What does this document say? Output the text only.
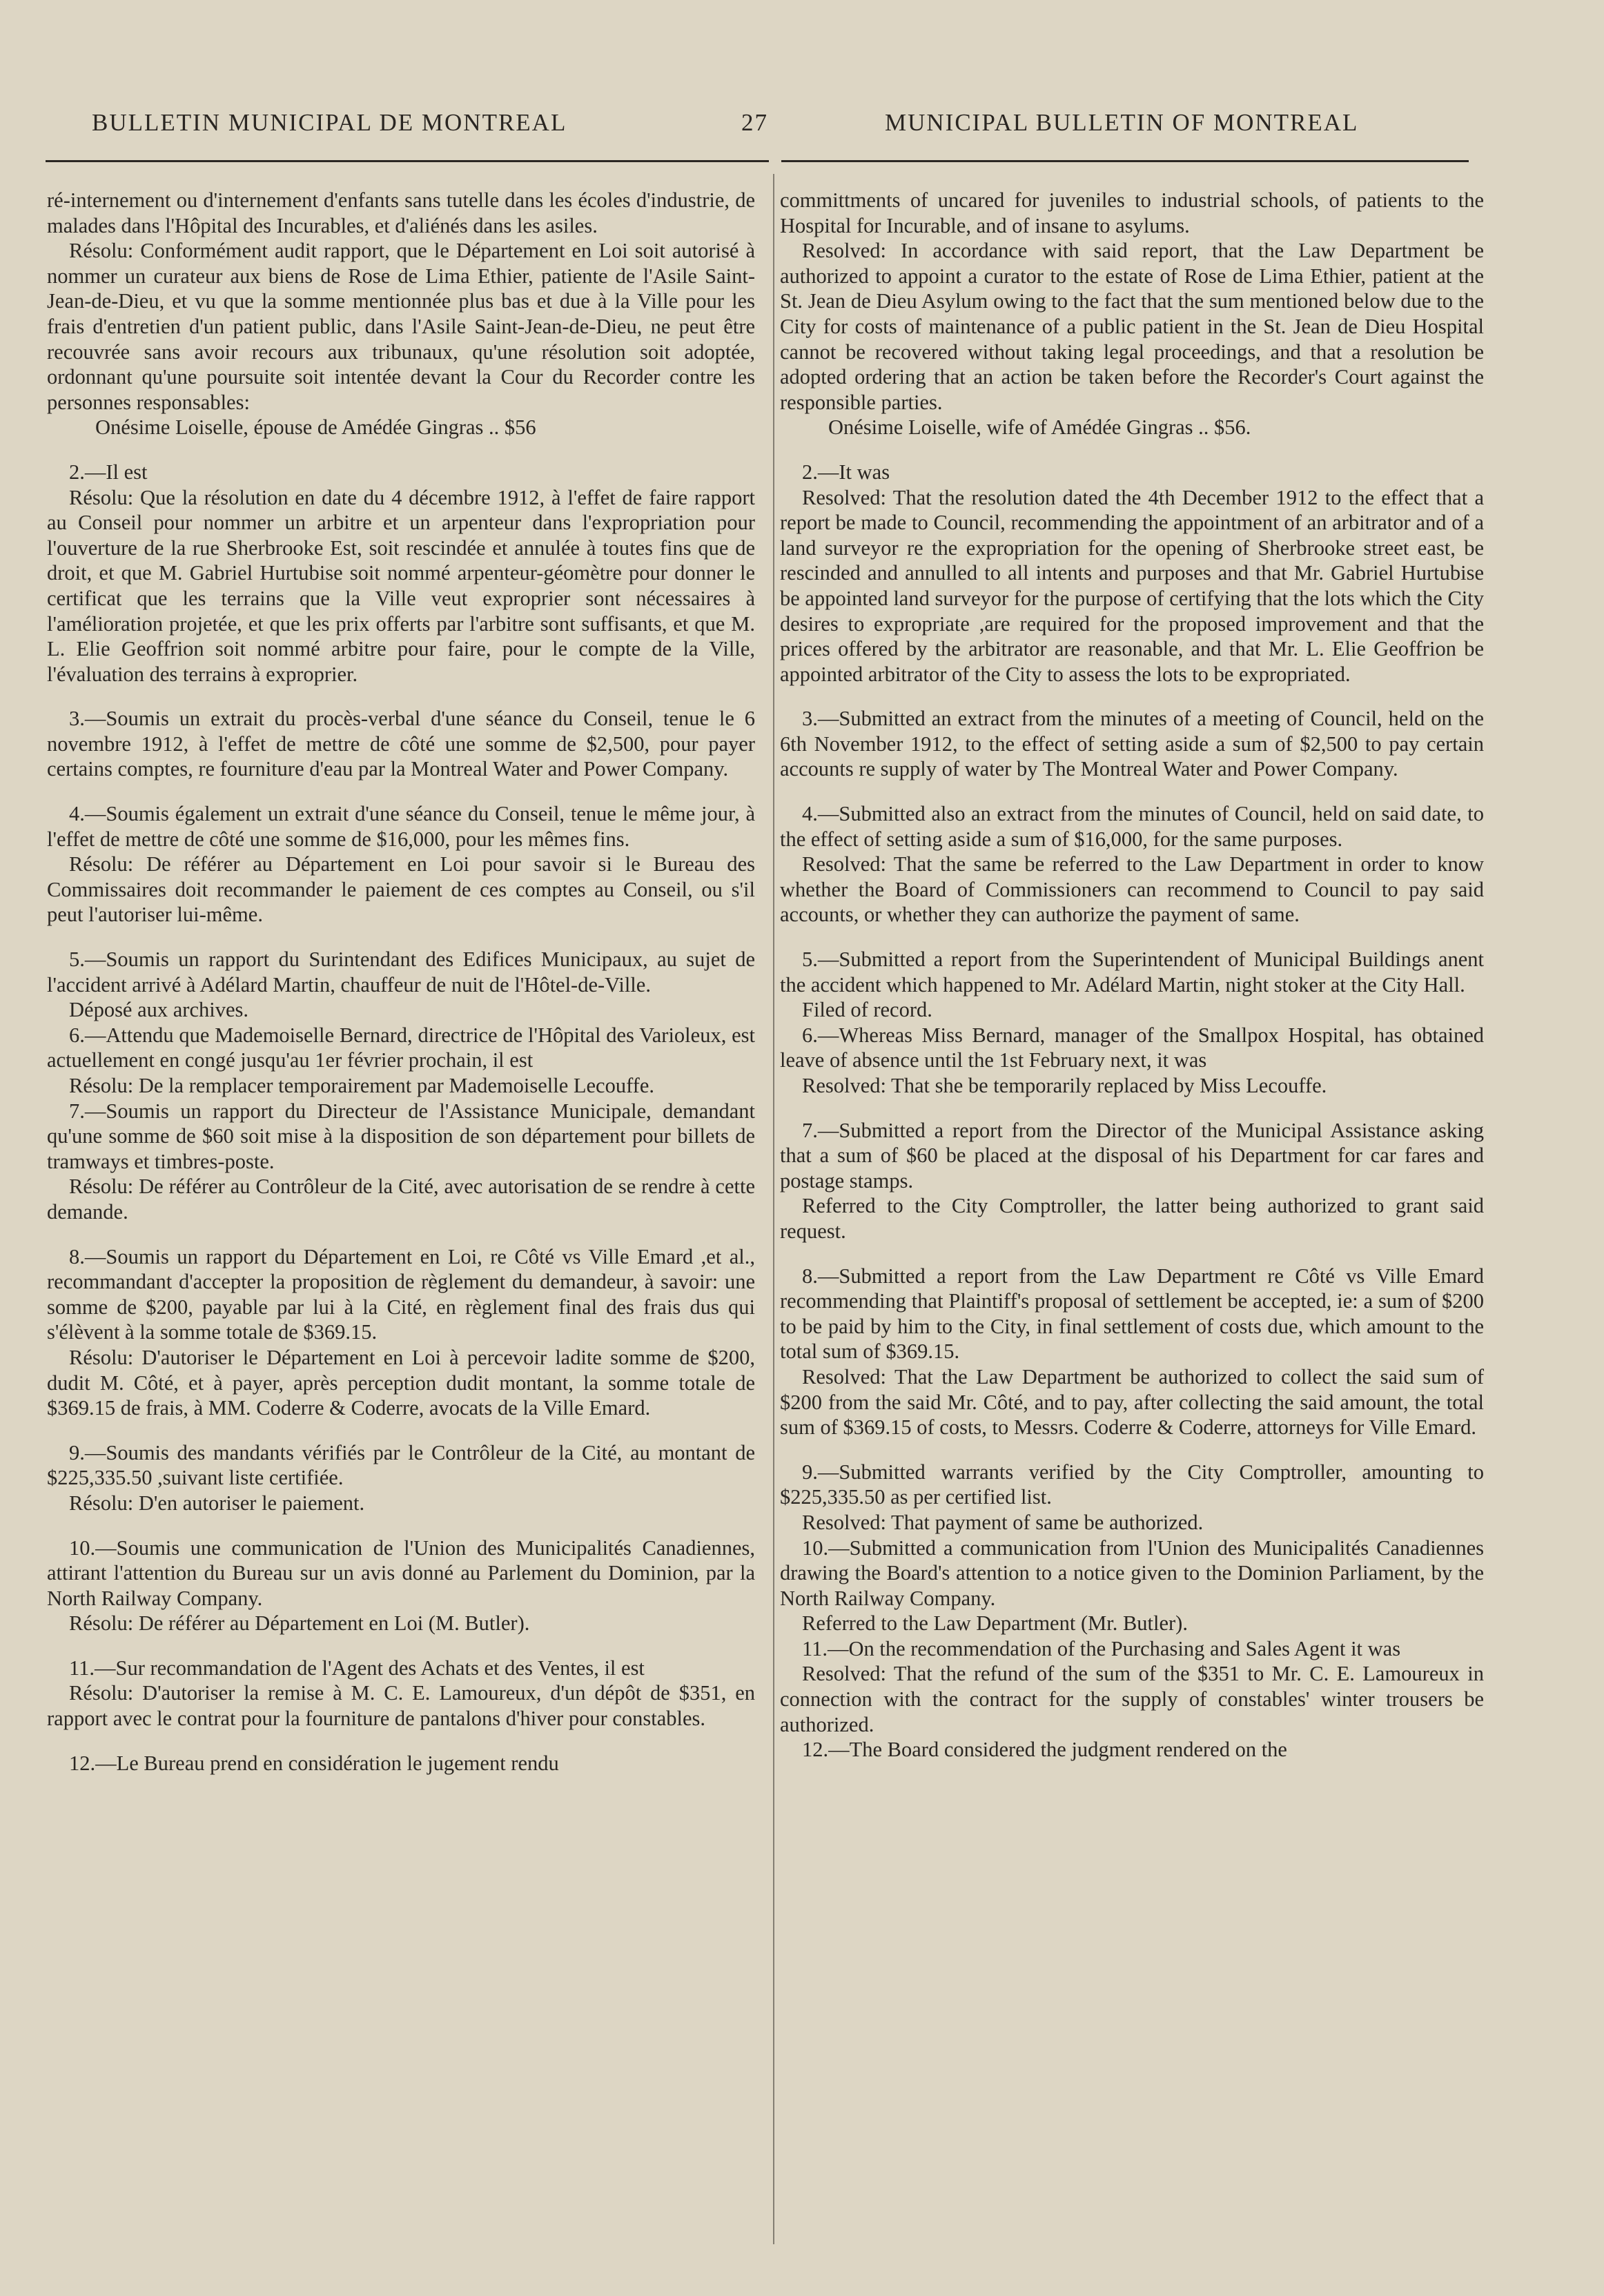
BULLETIN MUNICIPAL DE MONTREAL	27	MUNICIPAL BULLETIN OF MONTREAL

ré-internement ou d'internement d'enfants sans tutelle dans les écoles d'industrie, de malades dans l'Hôpital des Incurables, et d'aliénés dans les asiles.

Résolu: Conformément audit rapport, que le Département en Loi soit autorisé à nommer un curateur aux biens de Rose de Lima Ethier, patiente de l'Asile Saint-Jean-de-Dieu, et vu que la somme mentionnée plus bas et due à la Ville pour les frais d'entretien d'un patient public, dans l'Asile Saint-Jean-de-Dieu, ne peut être recouvrée sans avoir recours aux tribunaux, qu'une résolution soit adoptée, ordonnant qu'une poursuite soit intentée devant la Cour du Recorder contre les personnes responsables:

Onésime Loiselle, épouse de Amédée Gingras .. $56

2.—Il est

Résolu: Que la résolution en date du 4 décembre 1912, à l'effet de faire rapport au Conseil pour nommer un arbitre et un arpenteur dans l'expropriation pour l'ouverture de la rue Sherbrooke Est, soit rescindée et annulée à toutes fins que de droit, et que M. Gabriel Hurtubise soit nommé arpenteur-géomètre pour donner le certificat que les terrains que la Ville veut exproprier sont nécessaires à l'amélioration projetée, et que les prix offerts par l'arbitre sont suffisants, et que M. L. Elie Geoffrion soit nommé arbitre pour faire, pour le compte de la Ville, l'évaluation des terrains à exproprier.

3.—Soumis un extrait du procès-verbal d'une séance du Conseil, tenue le 6 novembre 1912, à l'effet de mettre de côté une somme de $2,500, pour payer certains comptes, re fourniture d'eau par la Montreal Water and Power Company.

4.—Soumis également un extrait d'une séance du Conseil, tenue le même jour, à l'effet de mettre de côté une somme de $16,000, pour les mêmes fins.

Résolu: De référer au Département en Loi pour savoir si le Bureau des Commissaires doit recommander le paiement de ces comptes au Conseil, ou s'il peut l'autoriser lui-même.

5.—Soumis un rapport du Surintendant des Edifices Municipaux, au sujet de l'accident arrivé à Adélard Martin, chauffeur de nuit de l'Hôtel-de-Ville.

Déposé aux archives.

6.—Attendu que Mademoiselle Bernard, directrice de l'Hôpital des Varioleux, est actuellement en congé jusqu'au 1er février prochain, il est

Résolu: De la remplacer temporairement par Mademoiselle Lecouffe.

7.—Soumis un rapport du Directeur de l'Assistance Municipale, demandant qu'une somme de $60 soit mise à la disposition de son département pour billets de tramways et timbres-poste.

Résolu: De référer au Contrôleur de la Cité, avec autorisation de se rendre à cette demande.

8.—Soumis un rapport du Département en Loi, re Côté vs Ville Emard ,et al., recommandant d'accepter la proposition de règlement du demandeur, à savoir: une somme de $200, payable par lui à la Cité, en règlement final des frais dus qui s'élèvent à la somme totale de $369.15.

Résolu: D'autoriser le Département en Loi à percevoir ladite somme de $200, dudit M. Côté, et à payer, après perception dudit montant, la somme totale de $369.15 de frais, à MM. Coderre & Coderre, avocats de la Ville Emard.

9.—Soumis des mandants vérifiés par le Contrôleur de la Cité, au montant de $225,335.50 ,suivant liste certifiée.

Résolu: D'en autoriser le paiement.

10.—Soumis une communication de l'Union des Municipalités Canadiennes, attirant l'attention du Bureau sur un avis donné au Parlement du Dominion, par la North Railway Company.

Résolu: De référer au Département en Loi (M. Butler).

11.—Sur recommandation de l'Agent des Achats et des Ventes, il est

Résolu: D'autoriser la remise à M. C. E. Lamoureux, d'un dépôt de $351, en rapport avec le contrat pour la fourniture de pantalons d'hiver pour constables.

12.—Le Bureau prend en considération le jugement rendu

committments of uncared for juveniles to industrial schools, of patients to the Hospital for Incurable, and of insane to asylums.

Resolved: In accordance with said report, that the Law Department be authorized to appoint a curator to the estate of Rose de Lima Ethier, patient at the St. Jean de Dieu Asylum owing to the fact that the sum mentioned below due to the City for costs of maintenance of a public patient in the St. Jean de Dieu Hospital cannot be recovered without taking legal proceedings, and that a resolution be adopted ordering that an action be taken before the Recorder's Court against the responsible parties.

Onésime Loiselle, wife of Amédée Gingras .. $56.

2.—It was

Resolved: That the resolution dated the 4th December 1912 to the effect that a report be made to Council, recommending the appointment of an arbitrator and of a land surveyor re the expropriation for the opening of Sherbrooke street east, be rescinded and annulled to all intents and purposes and that Mr. Gabriel Hurtubise be appointed land surveyor for the purpose of certifying that the lots which the City desires to expropriate ,are required for the proposed improvement and that the prices offered by the arbitrator are reasonable, and that Mr. L. Elie Geoffrion be appointed arbitrator of the City to assess the lots to be expropriated.

3.—Submitted an extract from the minutes of a meeting of Council, held on the 6th November 1912, to the effect of setting aside a sum of $2,500 to pay certain accounts re supply of water by The Montreal Water and Power Company.

4.—Submitted also an extract from the minutes of Council, held on said date, to the effect of setting aside a sum of $16,000, for the same purposes.

Resolved: That the same be referred to the Law Department in order to know whether the Board of Commissioners can recommend to Council to pay said accounts, or whether they can authorize the payment of same.

5.—Submitted a report from the Superintendent of Municipal Buildings anent the accident which happened to Mr. Adélard Martin, night stoker at the City Hall.

Filed of record.

6.—Whereas Miss Bernard, manager of the Smallpox Hospital, has obtained leave of absence until the 1st February next, it was

Resolved: That she be temporarily replaced by Miss Lecouffe.

7.—Submitted a report from the Director of the Municipal Assistance asking that a sum of $60 be placed at the disposal of his Department for car fares and postage stamps.

Referred to the City Comptroller, the latter being authorized to grant said request.

8.—Submitted a report from the Law Department re Côté vs Ville Emard recommending that Plaintiff's proposal of settlement be accepted, ie: a sum of $200 to be paid by him to the City, in final settlement of costs due, which amount to the total sum of $369.15.

Resolved: That the Law Department be authorized to collect the said sum of $200 from the said Mr. Côté, and to pay, after collecting the said amount, the total sum of $369.15 of costs, to Messrs. Coderre & Coderre, attorneys for Ville Emard.

9.—Submitted warrants verified by the City Comptroller, amounting to $225,335.50 as per certified list.

Resolved: That payment of same be authorized.

10.—Submitted a communication from l'Union des Municipalités Canadiennes drawing the Board's attention to a notice given to the Dominion Parliament, by the North Railway Company.

Referred to the Law Department (Mr. Butler).

11.—On the recommendation of the Purchasing and Sales Agent it was

Resolved: That the refund of the sum of the $351 to Mr. C. E. Lamoureux in connection with the contract for the supply of constables' winter trousers be authorized.

12.—The Board considered the judgment rendered on the
